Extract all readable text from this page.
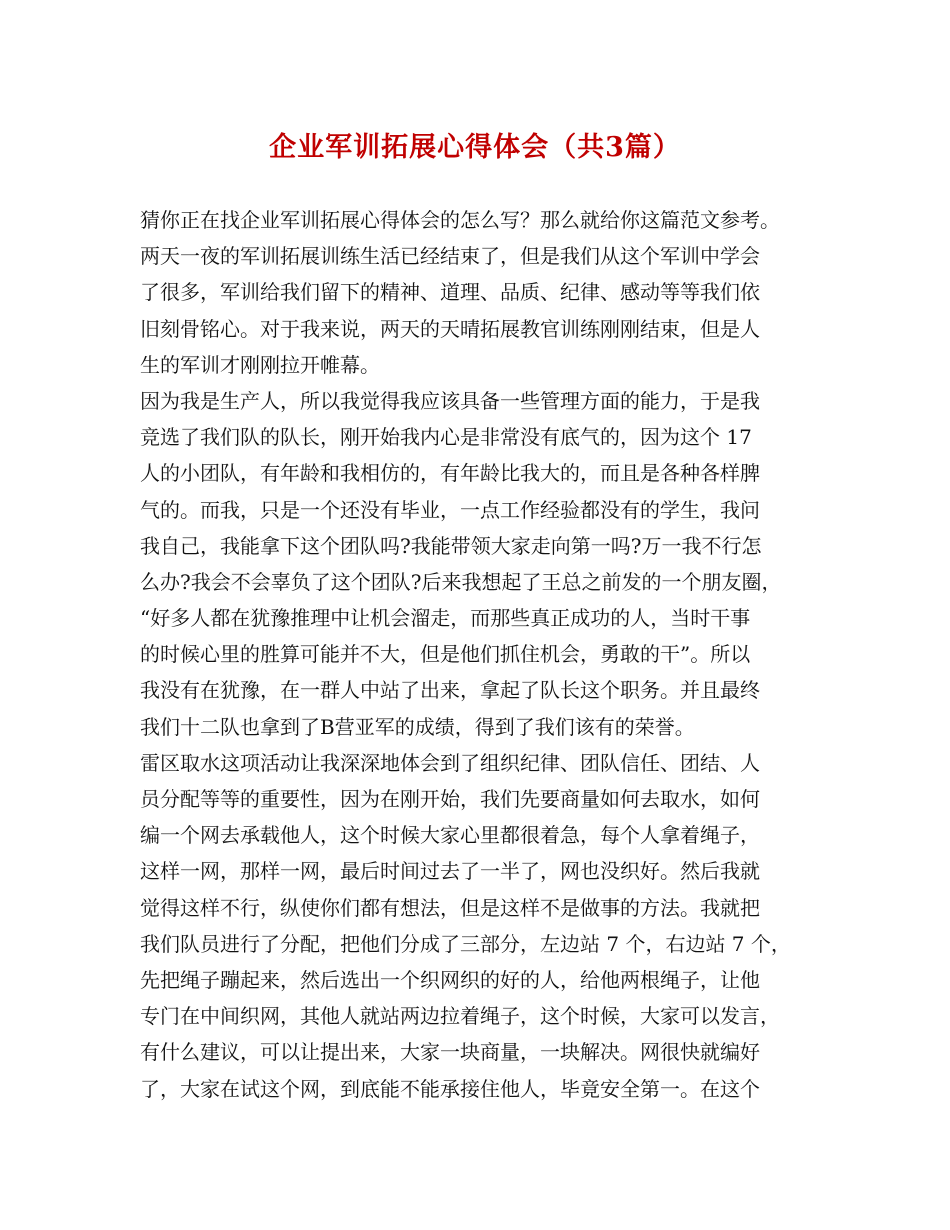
企业军训拓展心得体会（共3篇）
猜你正在找企业军训拓展心得体会的怎么写？那么就给你这篇范文参考。
两天一夜的军训拓展训练生活已经结束了，但是我们从这个军训中学会
了很多，军训给我们留下的精神、道理、品质、纪律、感动等等我们依
旧刻骨铭心。对于我来说，两天的天晴拓展教官训练刚刚结束，但是人
生的军训才刚刚拉开帷幕。
因为我是生产人，所以我觉得我应该具备一些管理方面的能力，于是我
竞选了我们队的队长，刚开始我内心是非常没有底气的，因为这个 17
人的小团队，有年龄和我相仿的，有年龄比我大的，而且是各种各样脾
气的。而我，只是一个还没有毕业，一点工作经验都没有的学生，我问
我自己，我能拿下这个团队吗?我能带领大家走向第一吗?万一我不行怎
么办?我会不会辜负了这个团队?后来我想起了王总之前发的一个朋友圈，
“好多人都在犹豫推理中让机会溜走，而那些真正成功的人，当时干事
的时候心里的胜算可能并不大，但是他们抓住机会，勇敢的干”。所以
我没有在犹豫，在一群人中站了出来，拿起了队长这个职务。并且最终
我们十二队也拿到了B营亚军的成绩，得到了我们该有的荣誉。
雷区取水这项活动让我深深地体会到了组织纪律、团队信任、团结、人
员分配等等的重要性，因为在刚开始，我们先要商量如何去取水，如何
编一个网去承载他人，这个时候大家心里都很着急，每个人拿着绳子，
这样一网，那样一网，最后时间过去了一半了，网也没织好。然后我就
觉得这样不行，纵使你们都有想法，但是这样不是做事的方法。我就把
我们队员进行了分配，把他们分成了三部分，左边站 7 个，右边站 7 个，
先把绳子蹦起来，然后选出一个织网织的好的人，给他两根绳子，让他
专门在中间织网，其他人就站两边拉着绳子，这个时候，大家可以发言，
有什么建议，可以让提出来，大家一块商量，一块解决。网很快就编好
了，大家在试这个网，到底能不能承接住他人，毕竟安全第一。在这个
